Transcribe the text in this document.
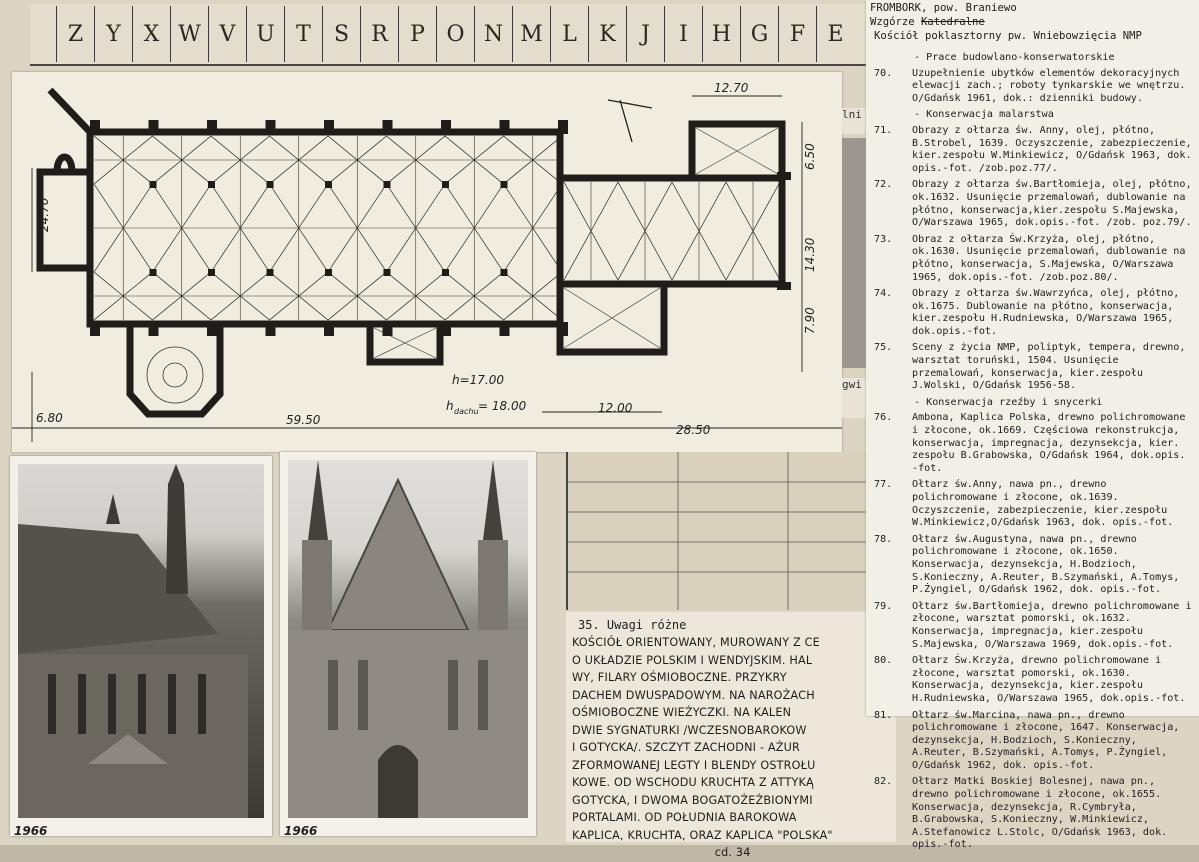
Z	Y	X W V U T	S	R	P O N M L	K	J	I	H G F	E
12.70
6.50
24.70
14.30
7.90
h=17.00
h dachu = 18.00
6.80	59.50
12.00
28.50
lni
gwi
1966	1966
35. Uwagi różne
KOŚCIÓŁ ORIENTOWANY, MUROWANY Z CE
O UKŁADZIE POLSKIM I WENDYJSKIM. HAL
WY, FILARY OŚMIOBOCZNE. PRZYKRY
DACHEM DWUSPADOWYM. NA NAROŻACH
OŚMIOBOCZNE WIEŻYCZKI. NA KALEN
DWIE SYGNATURKI /WCZESNOBAROKOW
I GOTYCKA/. SZCZYT ZACHODNI - AŻUR
ZFORMOWANEJ LEGTY I BLENDY OSTROŁU
KOWE. OD WSCHODU KRUCHTA Z ATTYKĄ
GOTYCKA, I DWOMA BOGATOŻEŹBIONYMI
PORTALAMI. OD POŁUDNIA BAROKOWA
KAPLICA, KRUCHTA, ORAZ KAPLICA "POLSKA"
cd. 34
FROMBORK, pow. Braniewo
Wzgórze Katedralne
Kościół poklasztorny pw. Wniebowzięcia NMP
- Prace budowlano-konserwatorskie
70.	Uzupełnienie ubytków elementów dekoracyjnych elewacji zach.; roboty tynkarskie we wnętrzu. O/Gdańsk 1961, dok.: dzienniki budowy.
- Konserwacja malarstwa
71.	Obrazy z ołtarza św. Anny, olej, płótno, B.Strobel, 1639. Oczyszczenie, zabezpieczenie, kier.zespołu W.Minkiewicz, O/Gdańsk 1963, dok. opis.-fot. /zob.poz.77/.
72.	Obrazy z ołtarza św.Bartłomieja, olej, płótno, ok.1632. Usunięcie przemalowań, dublowanie na płótno, konserwacja,kier.zespołu S.Majewska, O/Warszawa 1965, dok.opis.-fot. /zob. poz.79/.
73.	Obraz z ołtarza Św.Krzyża, olej, płótno, ok.1630. Usunięcie przemalowań, dublowanie na płótno, konserwacja, S.Majewska, O/Warszawa 1965, dok.opis.-fot. /zob.poz.80/.
74.	Obrazy z ołtarza św.Wawrzyńca, olej, płótno, ok.1675. Dublowanie na płótno, konserwacja, kier.zespołu H.Rudniewska, O/Warszawa 1965, dok.opis.-fot.
75.	Sceny z życia NMP, poliptyk, tempera, drewno, warsztat toruński, 1504. Usunięcie przemalowań, konserwacja, kier.zespołu J.Wolski, O/Gdańsk 1956-58.
- Konserwacja rzeźby i snycerki
76.	Ambona, Kaplica Polska, drewno polichromowane i złocone, ok.1669. Częściowa rekonstrukcja, konserwacja, impregnacja, dezynsekcja, kier. zespołu B.Grabowska, O/Gdańsk 1964, dok.opis. -fot.
77.	Ołtarz św.Anny, nawa pn., drewno polichromowane i złocone, ok.1639. Oczyszczenie, zabezpieczenie, kier.zespołu W.Minkiewicz,O/Gdańsk 1963, dok. opis.-fot.
78.	Ołtarz św.Augustyna, nawa pn., drewno polichromowane i złocone, ok.1650. Konserwacja, dezynsekcja, H.Bodzioch, S.Konieczny, A.Reuter, B.Szymański, A.Tomys, P.Żyngiel, O/Gdańsk 1962, dok. opis.-fot.
79.	Ołtarz św.Bartłomieja, drewno polichromowane i złocone, warsztat pomorski, ok.1632. Konserwacja, impregnacja, kier.zespołu S.Majewska, O/Warszawa 1969, dok.opis.-fot.
80.	Ołtarz Św.Krzyża, drewno polichromowane i złocone, warsztat pomorski, ok.1630. Konserwacja, dezynsekcja, kier.zespołu H.Rudniewska, O/Warszawa 1965, dok.opis.-fot.
81.	Ołtarz św.Marcina, nawa pn., drewno polichromowane i złocone, 1647. Konserwacja, dezynsekcja, H.Bodzioch, S.Konieczny, A.Reuter, B.Szymański, A.Tomys, P.Żyngiel, O/Gdańsk 1962, dok. opis.-fot.
82.	Ołtarz Matki Boskiej Bolesnej, nawa pn., drewno polichromowane i złocone, ok.1655. Konserwacja, dezynsekcja, R.Cymbryła, B.Grabowska, S.Konieczny, W.Minkiewicz, A.Stefanowicz L.Stolc, O/Gdańsk 1963, dok. opis.-fot.
